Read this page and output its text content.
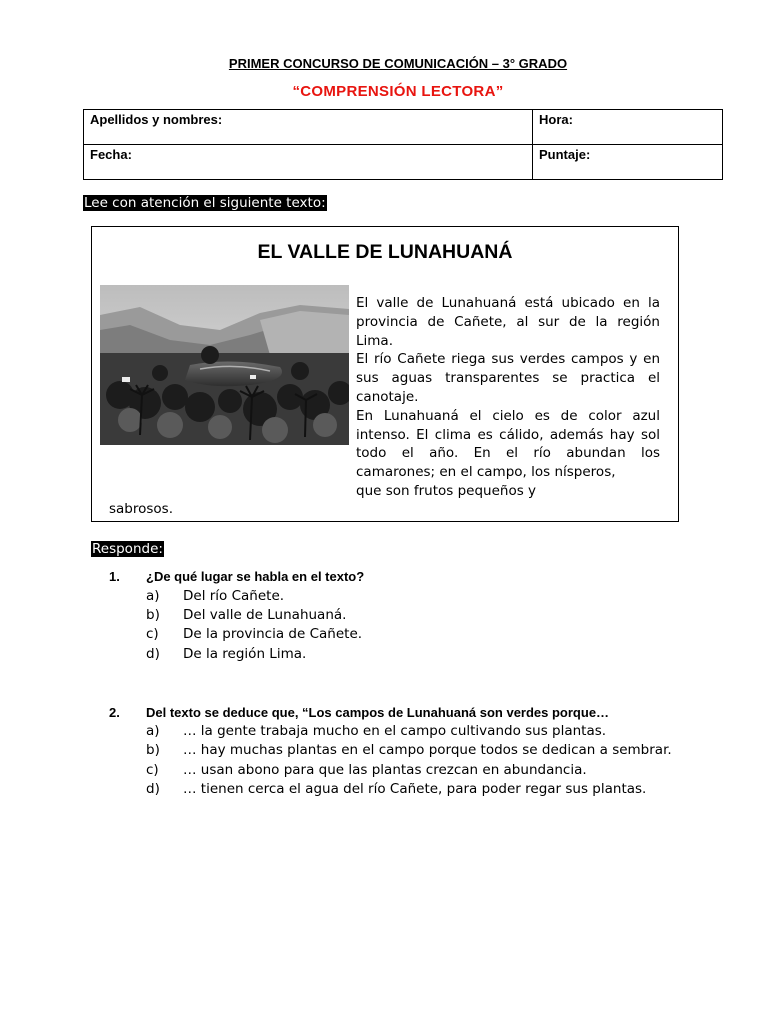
PRIMER CONCURSO DE COMUNICACIÓN – 3° GRADO
“COMPRENSIÓN LECTORA”
Apellidos y nombres:	Hora:
Fecha:	Puntaje:
Lee con atención el siguiente texto:
EL VALLE DE LUNAHUANÁ

El valle de Lunahuaná está ubicado en la provincia de Cañete, al sur de la región Lima.

El río Cañete riega sus verdes campos y en sus aguas transparentes se practica el canotaje.

En Lunahuaná el cielo es de color azul intenso. El clima es cálido, además hay sol todo el año. En el río abundan los camarones; en el campo, los nísperos,

que son frutos pequeños y

sabrosos.
Responde:
1. ¿De qué lugar se habla en el texto?
a) Del río Cañete.
b) Del valle de Lunahuaná.
c) De la provincia de Cañete.
d) De la región Lima.
2. Del texto se deduce que, “Los campos de Lunahuaná son verdes porque…
a) … la gente trabaja mucho en el campo cultivando sus plantas.
b) … hay muchas plantas en el campo porque todos se dedican a sembrar.
c) … usan abono para que las plantas crezcan en abundancia.
d) … tienen cerca el agua del río Cañete, para poder regar sus plantas.
